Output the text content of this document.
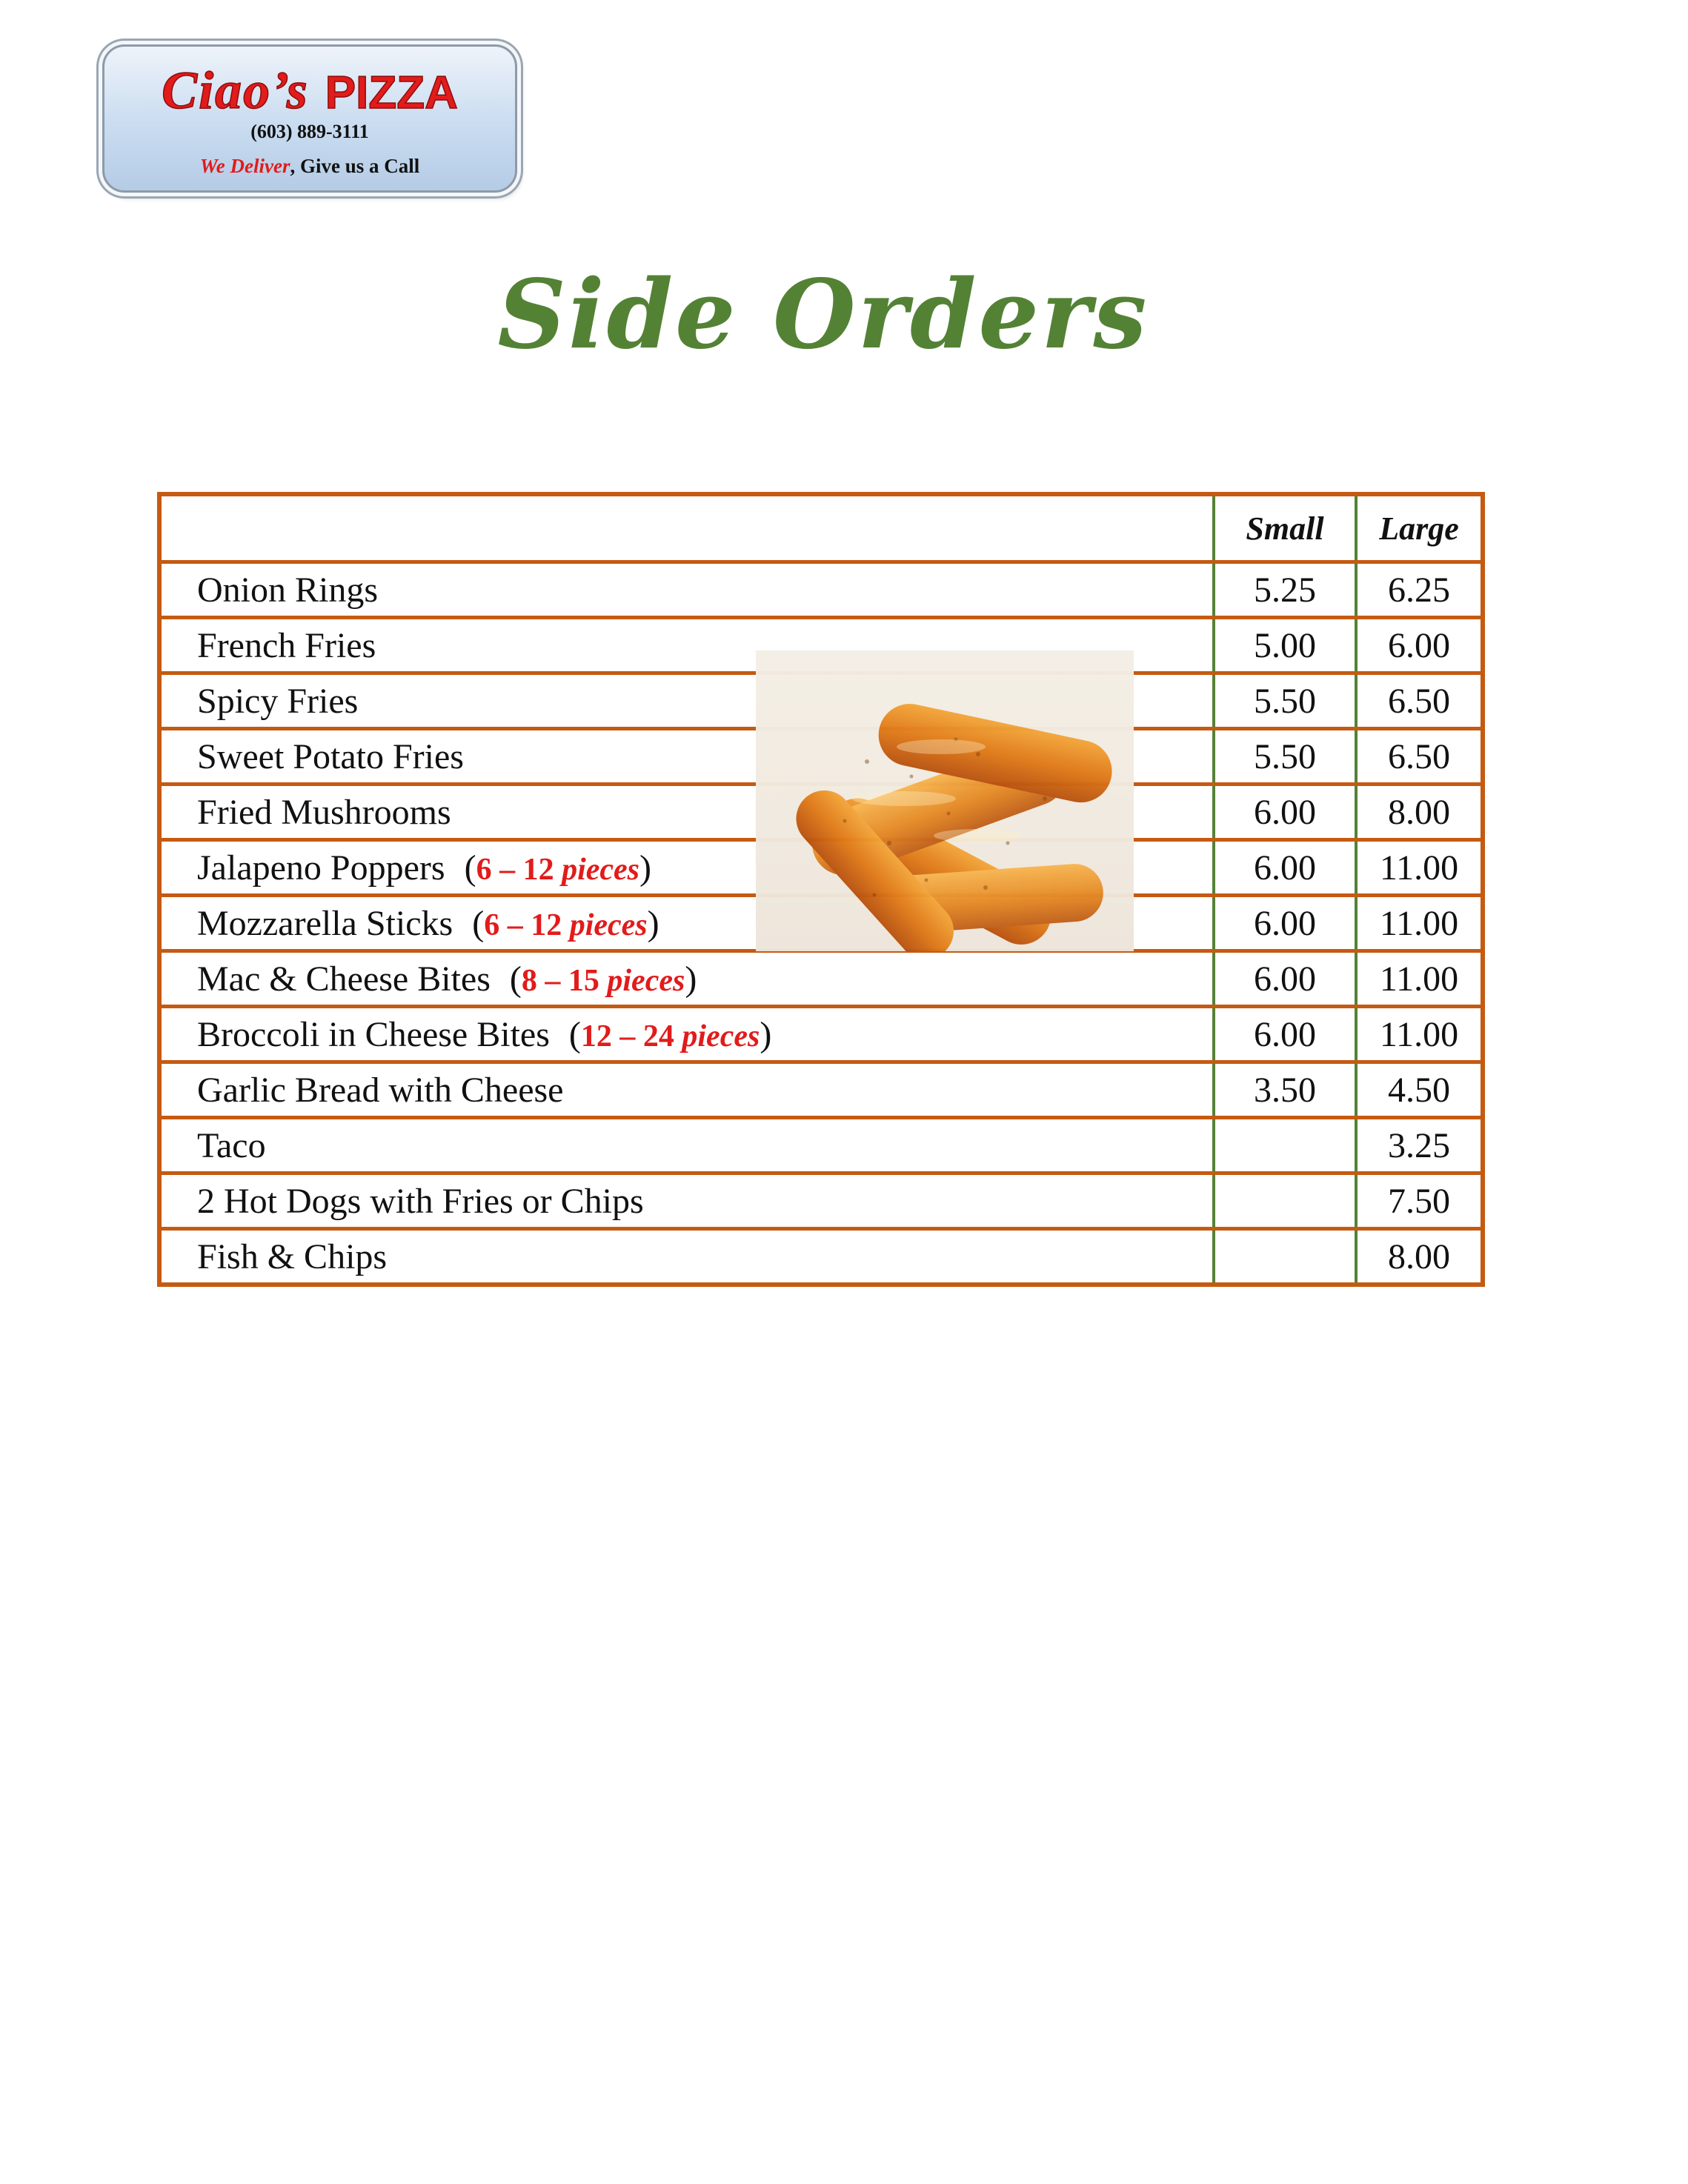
Ciao’s PIZZA
(603) 889-3111
We Deliver, Give us a Call
Side Orders
	Small	Large
Onion Rings	5.25	6.25
French Fries	5.00	6.00
Spicy Fries	5.50	6.50
Sweet Potato Fries	5.50	6.50
Fried Mushrooms	6.00	8.00
Jalapeno Poppers (6 – 12 pieces)	6.00	11.00
Mozzarella Sticks (6 – 12 pieces)	6.00	11.00
Mac & Cheese Bites (8 – 15 pieces)	6.00	11.00
Broccoli in Cheese Bites (12 – 24 pieces)	6.00	11.00
Garlic Bread with Cheese	3.50	4.50
Taco		3.25
2 Hot Dogs with Fries or Chips		7.50
Fish & Chips		8.00
